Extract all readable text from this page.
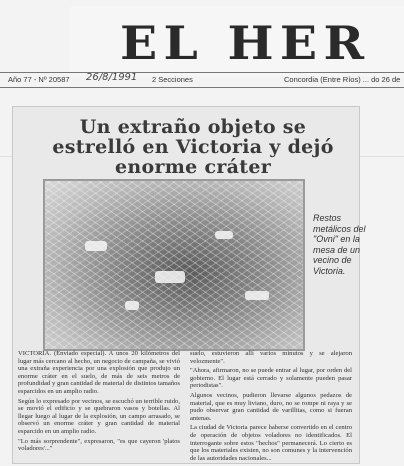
EL HER
Año 77 - Nº 20587 26/8/1991 2 Secciones	Concordia (Entre Ríos) ... do 26 de
Un extraño objeto se estrelló en Victoria y dejó enorme cráter
Restos metálicos del "Ovni" en la mesa de un vecino de Victoria.

VICTORIA. (Enviado especial). A unos 20 kilómetros del lugar más cercano al hecho, un negocio de campaña, se vivió una extraña experiencia por una explosión que produjo un enorme cráter en el suelo, de más de seis metros de profundidad y gran cantidad de material de distintos tamaños esparcidos en un amplio radio.

Según lo expresado por vecinos, se escuchó un terrible ruido, se movió el edificio y se quebraron vasos y botellas. Al llegar luego al lugar de la explosión, un campo arrasado, se observó un enorme cráter y gran cantidad de material esparcido en un amplio radio.

"Lo más sorprendente", expresaron, "es que cayeron 'platos voladores'..."

suelo, estuvieron allí varios minutos y se alejaron velozmente".

"Ahora, afirmaron, no se puede entrar al lugar, por orden del gobierno. El lugar está cerrado y solamente pueden pasar periodistas".

Algunos vecinos, pudieron llevarse algunos pedazos de material, que es muy liviano, duro, no se rompe ni raya y se pudo observar gran cantidad de varillitas, como si fueran antenas.

La ciudad de Victoria parece haberse convertido en el centro de operación de objetos voladores no identificados. El interrogante sobre estos "hechos" permanecerá. Lo cierto es que los materiales existen, no son comunes y la intervención de las autoridades nacionales...
